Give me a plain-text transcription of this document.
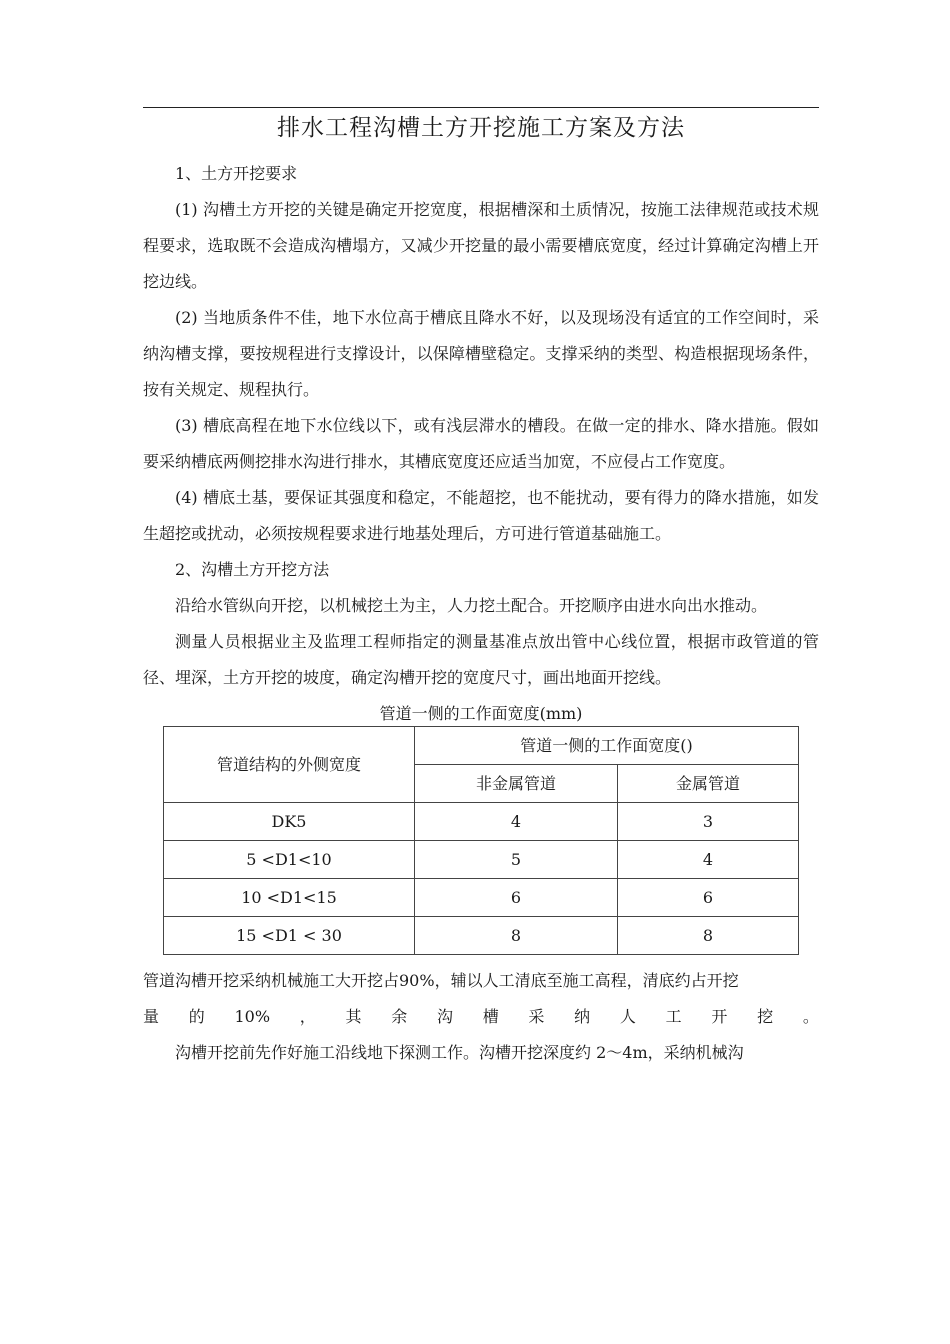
排水工程沟槽土方开挖施工方案及方法

1、土方开挖要求

(1) 沟槽土方开挖的关键是确定开挖宽度，根据槽深和土质情况，按施工法律规范或技术规程要求，选取既不会造成沟槽塌方，又减少开挖量的最小需要槽底宽度，经过计算确定沟槽上开挖边线。

(2) 当地质条件不佳，地下水位高于槽底且降水不好，以及现场没有适宜的工作空间时，采纳沟槽支撑，要按规程进行支撑设计，以保障槽壁稳定。支撑采纳的类型、构造根据现场条件，按有关规定、规程执行。

(3) 槽底高程在地下水位线以下，或有浅层滞水的槽段。在做一定的排水、降水措施。假如要采纳槽底两侧挖排水沟进行排水，其槽底宽度还应适当加宽，不应侵占工作宽度。

(4) 槽底土基，要保证其强度和稳定，不能超挖，也不能扰动，要有得力的降水措施，如发生超挖或扰动，必须按规程要求进行地基处理后，方可进行管道基础施工。

2、沟槽土方开挖方法

沿给水管纵向开挖，以机械挖土为主，人力挖土配合。开挖顺序由进水向出水推动。

测量人员根据业主及监理工程师指定的测量基准点放出管中心线位置，根据市政管道的管径、埋深，土方开挖的坡度，确定沟槽开挖的宽度尺寸，画出地面开挖线。

管道一侧的工作面宽度(mm)
管道结构的外侧宽度	管道一侧的工作面宽度()	
	非金属管道	金属管道
DK5	4	3
5 <D1<10	5	4
10 <D1<15	6	6
15 <D1 < 30	8	8

管道沟槽开挖采纳机械施工大开挖占90%，辅以人工清底至施工高程，清底约占开挖

量 的 10% ， 其 余 沟 槽 采 纳 人 工 开 挖 。

沟槽开挖前先作好施工沿线地下探测工作。沟槽开挖深度约 2〜4m，采纳机械沟
